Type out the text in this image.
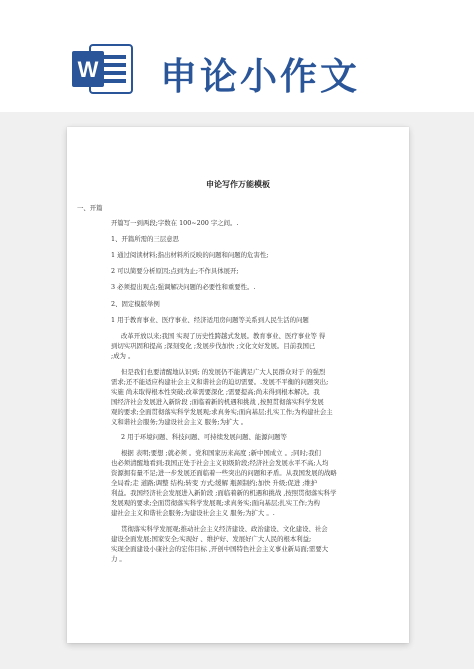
W 申论小作文
申论写作万能模板
一、开篇
开篇写一到两段;字数在 100~200 字之间。.
1、开篇所需的三层意思
1 通过阅读材料;指出材料所反映的问题和问题的危害性;
2 可以简要分析原因;点到为止;不作具体展开;
3 必须提出观点;强调解决问题的必要性和重要性。.
2、固定模版举例
1 用于教育事业、医疗事业、经济适用房问题等关系到人民生活的问题
改革开放以来;我国 实现了历史性跨越式发展。教育事业、医疗事业等 得
到切实巩固和提高 ;深刻变化 ;发展步伐加快 ;文化文好发展。目前我国已
;成为 。
但是我们也要清醒地认识到; 的发展仍不能满足广大人民群众对于 的强烈
需求;还不能适应构建社会主义和谐社会的迫切需要。.发展不平衡的问题突出;
实施 尚未取得根本性突破;改革需要深化 ;需要提高;尚未得到根本解决。我
国经济社会发展进入新阶段 ;面临着新的机遇和挑战 ,按照贯彻落实科学发展
观的要求;全面贯彻落实科学发展观;求真务实;面向基层;扎实工作;为构建社会主
义和谐社会服务;为建设社会主义 服务;为扩大 。
2 用于环境问题、科技问题、可持续发展问题、能源问题等
根据 表明;要想 ;就必须 。党和国家历来高度 ;新中国成立 。;同时;我们
也必须清醒地看到;我国正处于社会主义初级阶段;经济社会发展水平不高;人均
资源拥有量不足;进一步发展还面临着一些突出的问题和矛盾。从我国发展的战略
全局看;走 道路;调整 结构;转变 方式;缓解 瓶颈制约;加快 升级;促进 ;维护
利益。我国经济社会发展进入新阶段 ;面临着新的机遇和挑战 ,按照贯彻落实科学
发展观的要求;全面贯彻落实科学发展观;求真务实;面向基层;扎实工作;为构
建社会主义和谐社会服务;为建设社会主义 服务;为扩大 。.
贯彻落实科学发展观;推动社会主义经济建设、政治建设、文化建设、社会
建设全面发展;国家安全;实现好 、维护好、发展好广大人民的根本利益;
实现全面建设小康社会的宏伟目标 ,开创中国特色社会主义事业新局面;需要大
力 。
